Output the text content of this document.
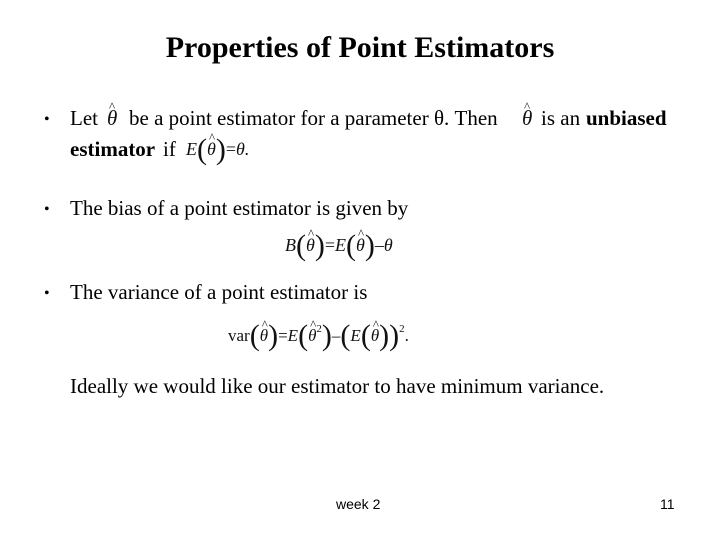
Properties of Point Estimators
• Let ^ θ be a point estimator for a parameter θ. Then ^ θ is an unbiased
estimator if E(^ θ)=θ.
• The bias of a point estimator is given by
B(^ θ)=E(^ θ)–θ
• The variance of a point estimator is
var(^ θ)=E(^ $\theta^2)-(E(\^{}$ θ))$^2$.
Ideally we would like our estimator to have minimum variance.
week 2	11
